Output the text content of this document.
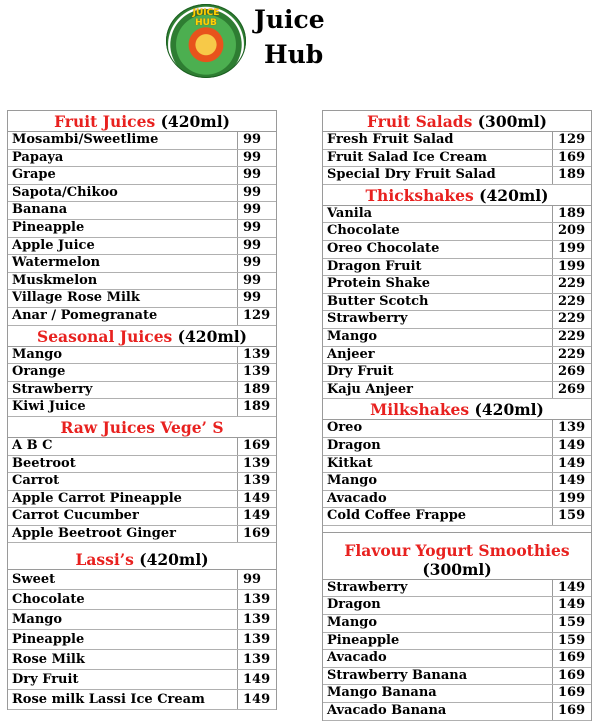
JUICE HUB	Juice
Hub
Fruit Juices (420ml)
Mosambi/Sweetlime	99
Papaya	99
Grape	99
Sapota/Chikoo	99
Banana	99
Pineapple	99
Apple Juice	99
Watermelon	99
Muskmelon	99
Village Rose Milk	99
Anar / Pomegranate	129
Seasonal Juices (420ml)
Mango	139
Orange	139
Strawberry	189
Kiwi Juice	189
Raw Juices Vege’ S
A B C	169
Beetroot	139
Carrot	139
Apple Carrot Pineapple	149
Carrot Cucumber	149
Apple Beetroot Ginger	169
Lassi’s (420ml)
Sweet	99
Chocolate	139
Mango	139
Pineapple	139
Rose Milk	139
Dry Fruit	149
Rose milk Lassi Ice Cream	149
Fruit Salads (300ml)
Fresh Fruit Salad	129
Fruit Salad Ice Cream	169
Special Dry Fruit Salad	189
Thickshakes (420ml)
Vanila	189
Chocolate	209
Oreo Chocolate	199
Dragon Fruit	199
Protein Shake	229
Butter Scotch	229
Strawberry	229
Mango	229
Anjeer	229
Dry Fruit	269
Kaju Anjeer	269
Milkshakes (420ml)
Oreo	139
Dragon	149
Kitkat	149
Mango	149
Avacado	199
Cold Coffee Frappe	159
Flavour Yogurt Smoothies
(300ml)
Strawberry	149
Dragon	149
Mango	159
Pineapple	159
Avacado	169
Strawberry Banana	169
Mango Banana	169
Avacado Banana	169
